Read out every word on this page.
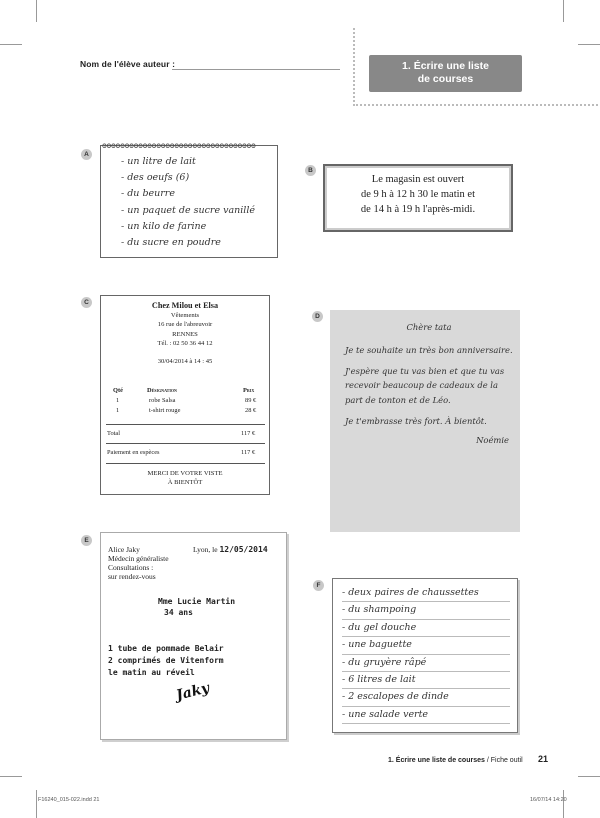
Nom de l'élève auteur :	1. Écrire une liste
de courses
A
ʘʘʘʘʘʘʘʘʘʘʘʘʘʘʘʘʘʘʘʘʘʘʘʘʘʘʘʘʘʘʘʘʘʘ
- un litre de lait
- des oeufs (6)
- du beurre
- un paquet de sucre vanillé
- un kilo de farine
- du sucre en poudre
B
Le magasin est ouvert
de 9 h à 12 h 30 le matin et
de 14 h à 19 h l'après-midi.
C	Chez Milou et Elsa
Vêtements
16 rue de l'abreuvoir
RENNES
Tél. : 02 50 36 44 12
30/04/2014 à 14 : 45
Qté	Désignation	Prix
1	robe Salsa	89 €
1	t-shirt rouge	28 €
Total	117 €
Paiement en espèces	117 €
MERCI DE VOTRE VISTE
À BIENTÔT
D
Chère tata
Je te souhaite un très bon anniversaire.
J'espère que tu vas bien et que tu vas recevoir beaucoup de cadeaux de la part de tonton et de Léo.
Je t'embrasse très fort. À bientôt.
Noémie
E
Alice Jaky
Médecin généraliste
Consultations :
sur rendez-vous
Lyon, le 12/05/2014
Mme Lucie Martin
34 ans
1 tube de pommade Belair
2 comprimés de Vitenform
le matin au réveil
Jaky
F
- deux paires de chaussettes
- du shampoing
- du gel douche
- une baguette
- du gruyère râpé
- 6 litres de lait
- 2 escalopes de dinde
- une salade verte
1. Écrire une liste de courses / Fiche outil 21
F16240_015-022.indd 21	16/07/14 14:20
